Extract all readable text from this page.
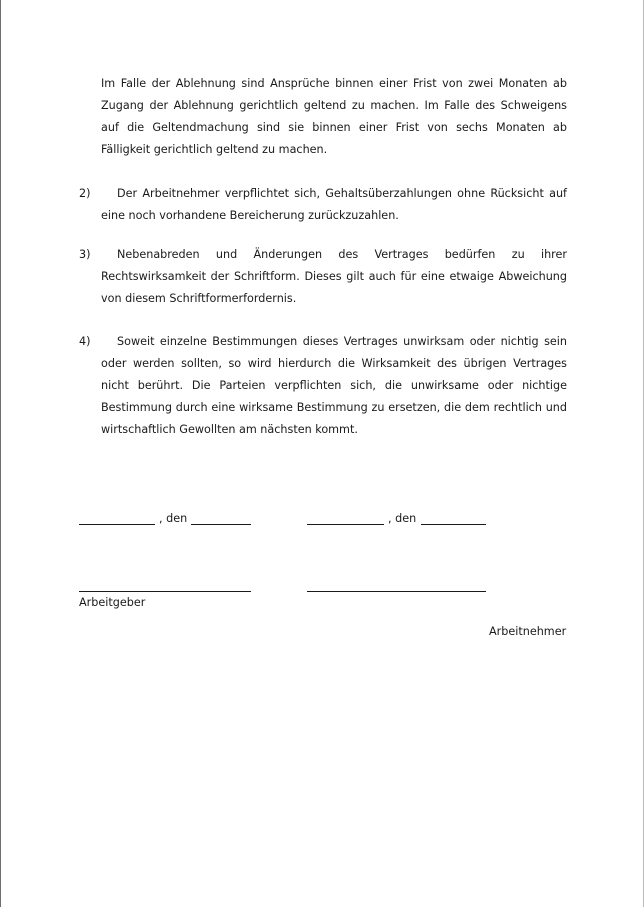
Im Falle der Ablehnung sind Ansprüche binnen einer Frist von zwei Monaten ab Zugang der Ablehnung gerichtlich geltend zu machen. Im Falle des Schweigens auf die Geltendmachung sind sie binnen einer Frist von sechs Monaten ab Fälligkeit gerichtlich geltend zu machen.

2)	Der Arbeitnehmer verpflichtet sich, Gehaltsüberzahlungen ohne Rücksicht auf eine noch vorhandene Bereicherung zurückzuzahlen.

3)	Nebenabreden und Änderungen des Vertrages bedürfen zu ihrer Rechtswirksamkeit der Schriftform. Dieses gilt auch für eine etwaige Abweichung von diesem Schriftformerfordernis.

4)	Soweit einzelne Bestimmungen dieses Vertrages unwirksam oder nichtig sein oder werden sollten, so wird hierdurch die Wirksamkeit des übrigen Vertrages nicht berührt. Die Parteien verpflichten sich, die unwirksame oder nichtige Bestimmung durch eine wirksame Bestimmung zu ersetzen, die dem rechtlich und wirtschaftlich Gewollten am nächsten kommt.

, den	, den
Arbeitgeber
Arbeitnehmer
